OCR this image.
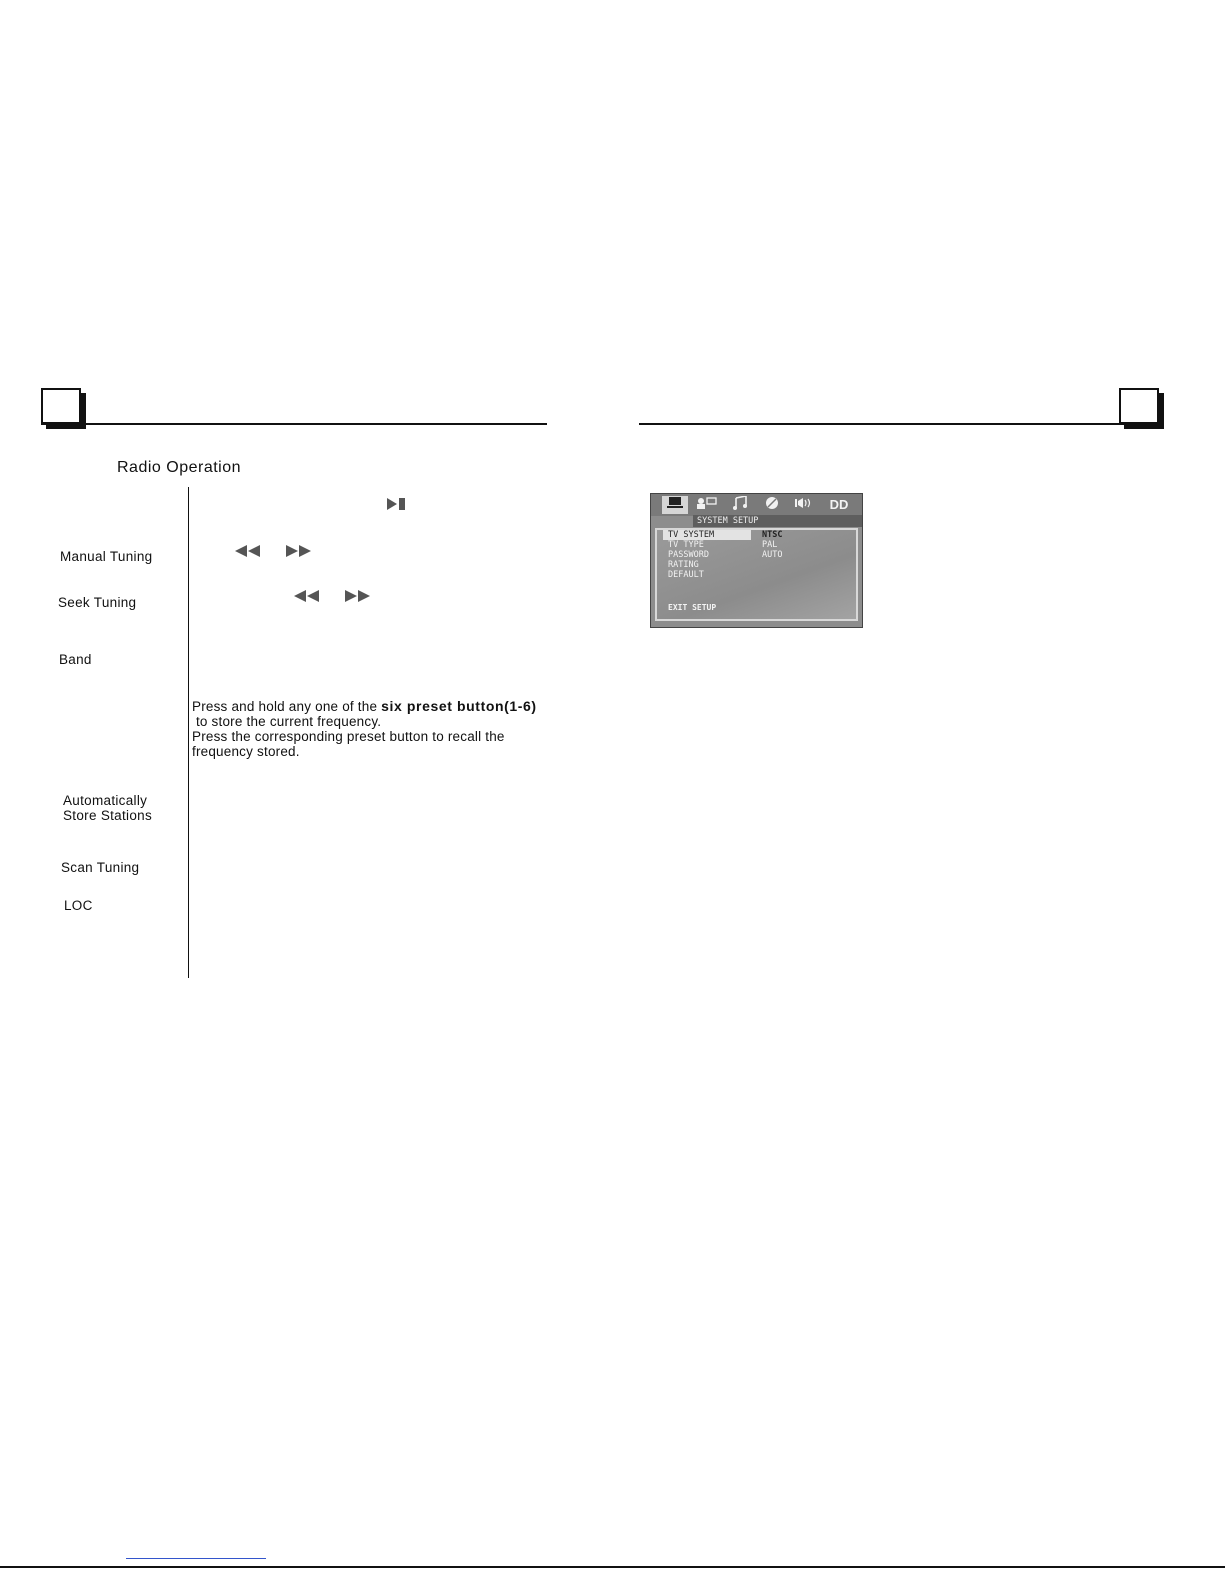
Radio Operation
Manual Tuning
Seek Tuning
Band
Automatically
Store Stations
Scan Tuning
LOC
Press and hold any one of the six preset button(1-6)
to store the current frequency.
Press the corresponding preset button to recall the
frequency stored.
DD
SYSTEM SETUP
TV SYSTEM
TV TYPE
PASSWORD
RATING
DEFAULT
NTSC
PAL
AUTO
EXIT SETUP
